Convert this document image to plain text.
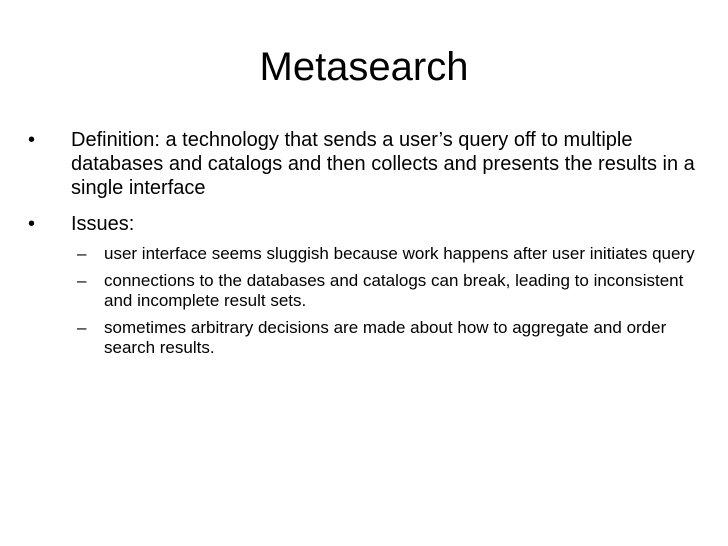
Metasearch
•	Definition: a technology that sends a user’s query off to multiple databases and catalogs and then collects and presents the results in a single interface
•	Issues:
– user interface seems sluggish because work happens after user initiates query
– connections to the databases and catalogs can break, leading to inconsistent and incomplete result sets.
– sometimes arbitrary decisions are made about how to aggregate and order search results.
